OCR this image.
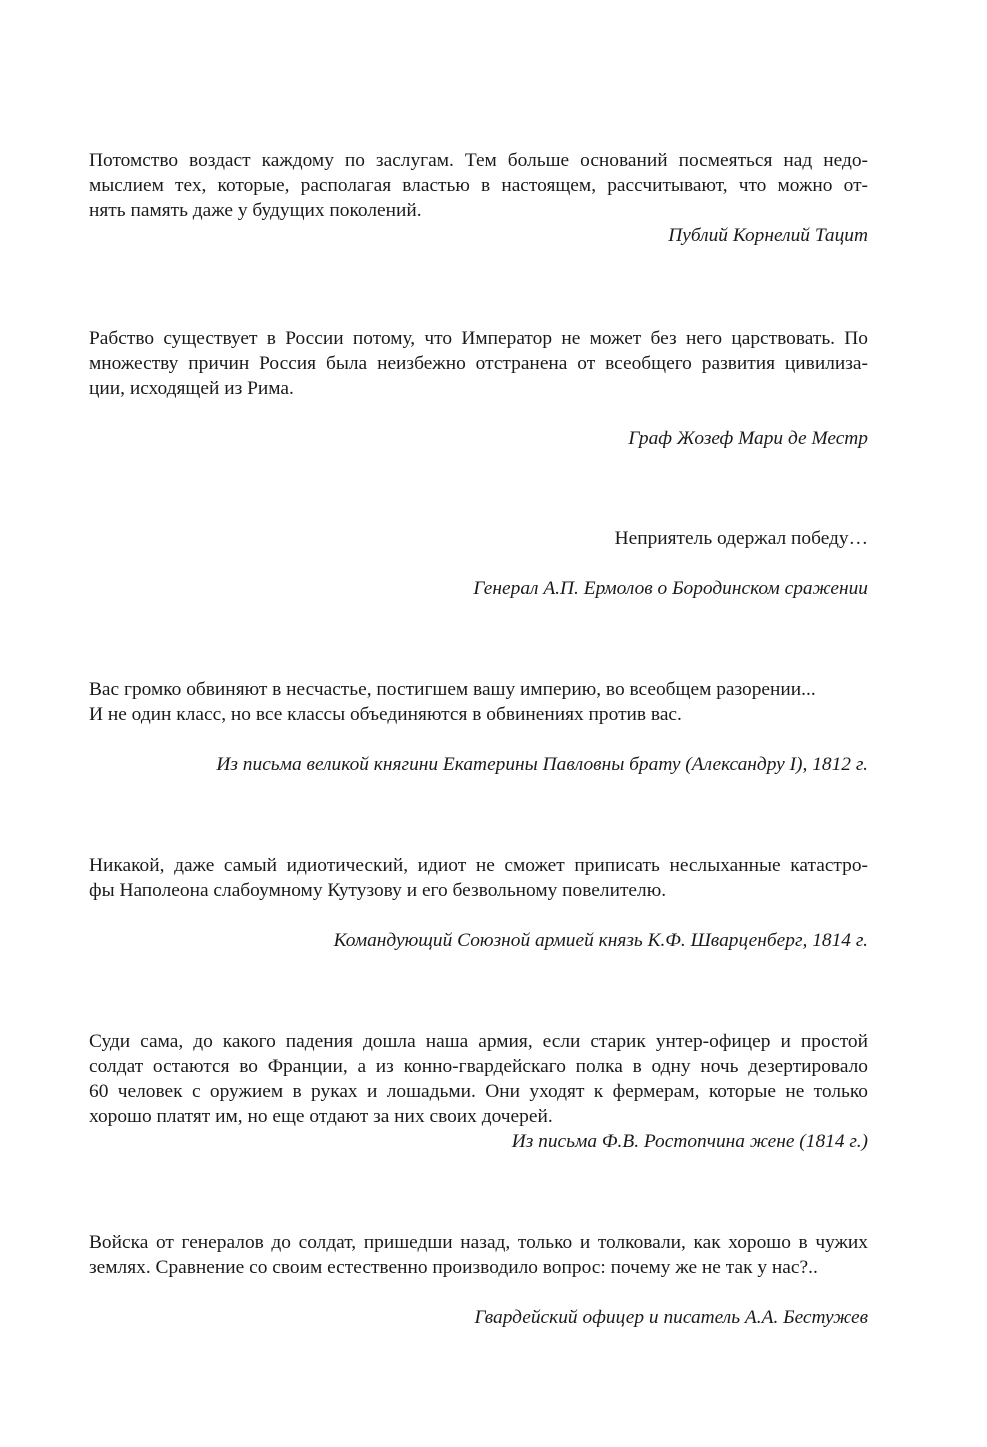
Потомство воздаст каждому по заслугам. Тем больше оснований посмеяться над недо-
мыслием тех, которые, располагая властью в настоящем, рассчитывают, что можно от-
нять память даже у будущих поколений.

Публий Корнелий Тацит

Рабство существует в России потому, что Император не может без него царствовать. По
множеству причин Россия была неизбежно отстранена от всеобщего развития цивилиза-
ции, исходящей из Рима.

Граф Жозеф Мари де Местр

Неприятель одержал победу…

Генерал А.П. Ермолов о Бородинском сражении

Вас громко обвиняют в несчастье, постигшем вашу империю, во всеобщем разорении...
И не один класс, но все классы объединяются в обвинениях против вас.

Из письма великой княгини Екатерины Павловны брату (Александру I), 1812 г.

Никакой, даже самый идиотический, идиот не сможет приписать неслыханные катастро-
фы Наполеона слабоумному Кутузову и его безвольному повелителю.

Командующий Союзной армией князь К.Ф. Шварценберг, 1814 г.

Суди сама, до какого падения дошла наша армия, если старик унтер-офицер и простой
солдат остаются во Франции, а из конно-гвардейскаго полка в одну ночь дезертировало
60 человек с оружием в руках и лошадьми. Они уходят к фермерам, которые не только
хорошо платят им, но еще отдают за них своих дочерей.

Из письма Ф.В. Ростопчина жене (1814 г.)

Войска от генералов до солдат, пришедши назад, только и толковали, как хорошо в чужих
землях. Сравнение со своим естественно производило вопрос: почему же не так у нас?..

Гвардейский офицер и писатель А.А. Бестужев
